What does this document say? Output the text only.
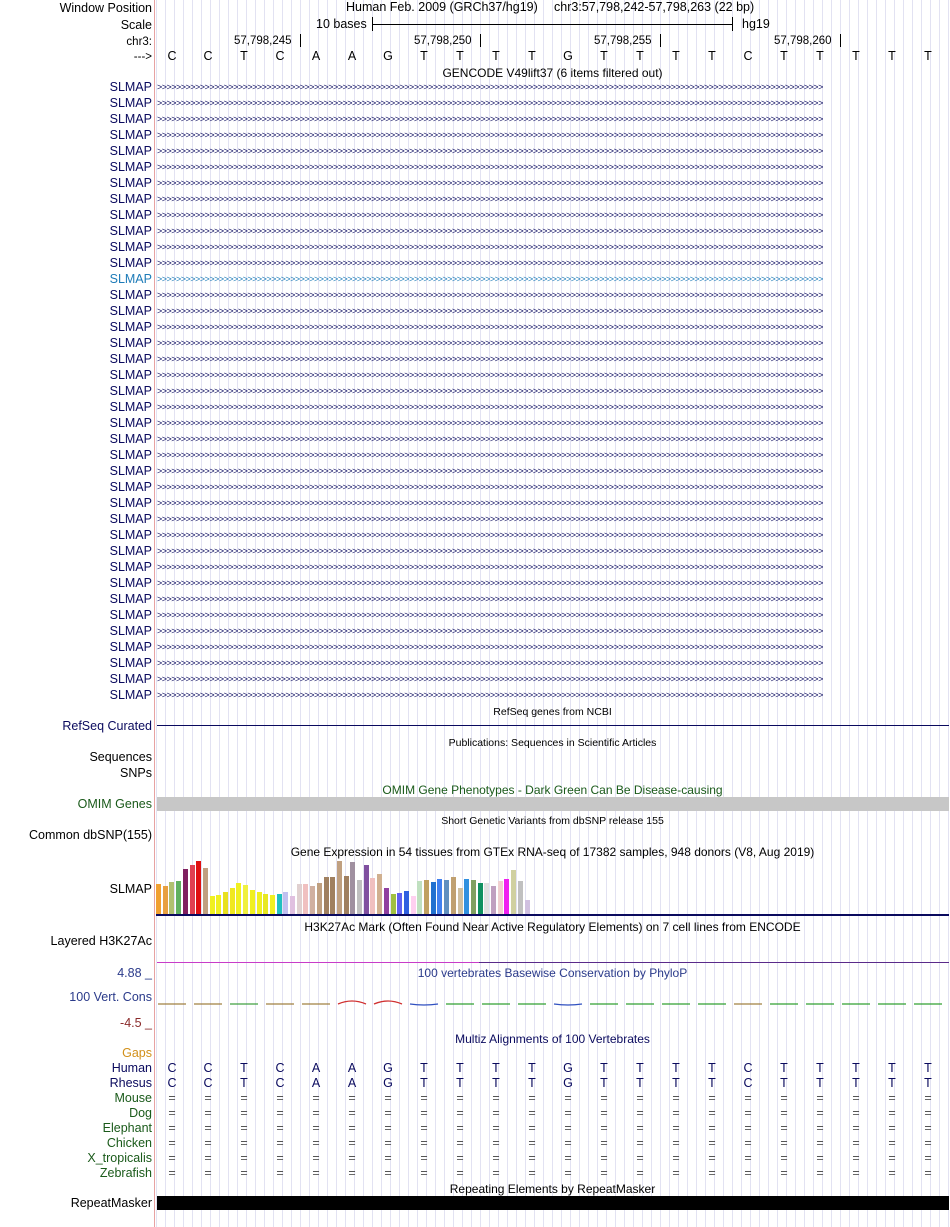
Window Position
Scale
chr3:
--->
Human Feb. 2009 (GRCh37/hg19) chr3:57,798,242-57,798,263 (22 bp)
10 bases	hg19
57,798,245	57,798,250	57,798,255	57,798,260
C	C	T	C	A	A	G	T	T	T	T	G	T	T	T	T	C	T	T	T	T	T
GENCODE V49lift37 (6 items filtered out)
SLMAP >>>>>>>>>>>>>>>>>>>>>>>>>>>>>>>>>>>>>>>>>>>>>>>>>>>>>>>>>>>>>>>>>>>>>>>>>>>>>>>>>>>>>>>>>>>>>>>>>>>>>>>>>>>>>>>>>>>>>>>>>>>>>>>>>>>>>>>>>>>>
SLMAP >>>>>>>>>>>>>>>>>>>>>>>>>>>>>>>>>>>>>>>>>>>>>>>>>>>>>>>>>>>>>>>>>>>>>>>>>>>>>>>>>>>>>>>>>>>>>>>>>>>>>>>>>>>>>>>>>>>>>>>>>>>>>>>>>>>>>>>>>>>>
SLMAP >>>>>>>>>>>>>>>>>>>>>>>>>>>>>>>>>>>>>>>>>>>>>>>>>>>>>>>>>>>>>>>>>>>>>>>>>>>>>>>>>>>>>>>>>>>>>>>>>>>>>>>>>>>>>>>>>>>>>>>>>>>>>>>>>>>>>>>>>>>>
SLMAP >>>>>>>>>>>>>>>>>>>>>>>>>>>>>>>>>>>>>>>>>>>>>>>>>>>>>>>>>>>>>>>>>>>>>>>>>>>>>>>>>>>>>>>>>>>>>>>>>>>>>>>>>>>>>>>>>>>>>>>>>>>>>>>>>>>>>>>>>>>>
SLMAP >>>>>>>>>>>>>>>>>>>>>>>>>>>>>>>>>>>>>>>>>>>>>>>>>>>>>>>>>>>>>>>>>>>>>>>>>>>>>>>>>>>>>>>>>>>>>>>>>>>>>>>>>>>>>>>>>>>>>>>>>>>>>>>>>>>>>>>>>>>>
SLMAP >>>>>>>>>>>>>>>>>>>>>>>>>>>>>>>>>>>>>>>>>>>>>>>>>>>>>>>>>>>>>>>>>>>>>>>>>>>>>>>>>>>>>>>>>>>>>>>>>>>>>>>>>>>>>>>>>>>>>>>>>>>>>>>>>>>>>>>>>>>>
SLMAP >>>>>>>>>>>>>>>>>>>>>>>>>>>>>>>>>>>>>>>>>>>>>>>>>>>>>>>>>>>>>>>>>>>>>>>>>>>>>>>>>>>>>>>>>>>>>>>>>>>>>>>>>>>>>>>>>>>>>>>>>>>>>>>>>>>>>>>>>>>>
SLMAP >>>>>>>>>>>>>>>>>>>>>>>>>>>>>>>>>>>>>>>>>>>>>>>>>>>>>>>>>>>>>>>>>>>>>>>>>>>>>>>>>>>>>>>>>>>>>>>>>>>>>>>>>>>>>>>>>>>>>>>>>>>>>>>>>>>>>>>>>>>>
SLMAP >>>>>>>>>>>>>>>>>>>>>>>>>>>>>>>>>>>>>>>>>>>>>>>>>>>>>>>>>>>>>>>>>>>>>>>>>>>>>>>>>>>>>>>>>>>>>>>>>>>>>>>>>>>>>>>>>>>>>>>>>>>>>>>>>>>>>>>>>>>>
SLMAP >>>>>>>>>>>>>>>>>>>>>>>>>>>>>>>>>>>>>>>>>>>>>>>>>>>>>>>>>>>>>>>>>>>>>>>>>>>>>>>>>>>>>>>>>>>>>>>>>>>>>>>>>>>>>>>>>>>>>>>>>>>>>>>>>>>>>>>>>>>>
SLMAP >>>>>>>>>>>>>>>>>>>>>>>>>>>>>>>>>>>>>>>>>>>>>>>>>>>>>>>>>>>>>>>>>>>>>>>>>>>>>>>>>>>>>>>>>>>>>>>>>>>>>>>>>>>>>>>>>>>>>>>>>>>>>>>>>>>>>>>>>>>>
SLMAP >>>>>>>>>>>>>>>>>>>>>>>>>>>>>>>>>>>>>>>>>>>>>>>>>>>>>>>>>>>>>>>>>>>>>>>>>>>>>>>>>>>>>>>>>>>>>>>>>>>>>>>>>>>>>>>>>>>>>>>>>>>>>>>>>>>>>>>>>>>>
SLMAP >>>>>>>>>>>>>>>>>>>>>>>>>>>>>>>>>>>>>>>>>>>>>>>>>>>>>>>>>>>>>>>>>>>>>>>>>>>>>>>>>>>>>>>>>>>>>>>>>>>>>>>>>>>>>>>>>>>>>>>>>>>>>>>>>>>>>>>>>>>>
SLMAP >>>>>>>>>>>>>>>>>>>>>>>>>>>>>>>>>>>>>>>>>>>>>>>>>>>>>>>>>>>>>>>>>>>>>>>>>>>>>>>>>>>>>>>>>>>>>>>>>>>>>>>>>>>>>>>>>>>>>>>>>>>>>>>>>>>>>>>>>>>>
SLMAP >>>>>>>>>>>>>>>>>>>>>>>>>>>>>>>>>>>>>>>>>>>>>>>>>>>>>>>>>>>>>>>>>>>>>>>>>>>>>>>>>>>>>>>>>>>>>>>>>>>>>>>>>>>>>>>>>>>>>>>>>>>>>>>>>>>>>>>>>>>>
SLMAP >>>>>>>>>>>>>>>>>>>>>>>>>>>>>>>>>>>>>>>>>>>>>>>>>>>>>>>>>>>>>>>>>>>>>>>>>>>>>>>>>>>>>>>>>>>>>>>>>>>>>>>>>>>>>>>>>>>>>>>>>>>>>>>>>>>>>>>>>>>>
SLMAP >>>>>>>>>>>>>>>>>>>>>>>>>>>>>>>>>>>>>>>>>>>>>>>>>>>>>>>>>>>>>>>>>>>>>>>>>>>>>>>>>>>>>>>>>>>>>>>>>>>>>>>>>>>>>>>>>>>>>>>>>>>>>>>>>>>>>>>>>>>>
SLMAP >>>>>>>>>>>>>>>>>>>>>>>>>>>>>>>>>>>>>>>>>>>>>>>>>>>>>>>>>>>>>>>>>>>>>>>>>>>>>>>>>>>>>>>>>>>>>>>>>>>>>>>>>>>>>>>>>>>>>>>>>>>>>>>>>>>>>>>>>>>>
SLMAP >>>>>>>>>>>>>>>>>>>>>>>>>>>>>>>>>>>>>>>>>>>>>>>>>>>>>>>>>>>>>>>>>>>>>>>>>>>>>>>>>>>>>>>>>>>>>>>>>>>>>>>>>>>>>>>>>>>>>>>>>>>>>>>>>>>>>>>>>>>>
SLMAP >>>>>>>>>>>>>>>>>>>>>>>>>>>>>>>>>>>>>>>>>>>>>>>>>>>>>>>>>>>>>>>>>>>>>>>>>>>>>>>>>>>>>>>>>>>>>>>>>>>>>>>>>>>>>>>>>>>>>>>>>>>>>>>>>>>>>>>>>>>>
SLMAP >>>>>>>>>>>>>>>>>>>>>>>>>>>>>>>>>>>>>>>>>>>>>>>>>>>>>>>>>>>>>>>>>>>>>>>>>>>>>>>>>>>>>>>>>>>>>>>>>>>>>>>>>>>>>>>>>>>>>>>>>>>>>>>>>>>>>>>>>>>>
SLMAP >>>>>>>>>>>>>>>>>>>>>>>>>>>>>>>>>>>>>>>>>>>>>>>>>>>>>>>>>>>>>>>>>>>>>>>>>>>>>>>>>>>>>>>>>>>>>>>>>>>>>>>>>>>>>>>>>>>>>>>>>>>>>>>>>>>>>>>>>>>>
SLMAP >>>>>>>>>>>>>>>>>>>>>>>>>>>>>>>>>>>>>>>>>>>>>>>>>>>>>>>>>>>>>>>>>>>>>>>>>>>>>>>>>>>>>>>>>>>>>>>>>>>>>>>>>>>>>>>>>>>>>>>>>>>>>>>>>>>>>>>>>>>>
SLMAP >>>>>>>>>>>>>>>>>>>>>>>>>>>>>>>>>>>>>>>>>>>>>>>>>>>>>>>>>>>>>>>>>>>>>>>>>>>>>>>>>>>>>>>>>>>>>>>>>>>>>>>>>>>>>>>>>>>>>>>>>>>>>>>>>>>>>>>>>>>>
SLMAP >>>>>>>>>>>>>>>>>>>>>>>>>>>>>>>>>>>>>>>>>>>>>>>>>>>>>>>>>>>>>>>>>>>>>>>>>>>>>>>>>>>>>>>>>>>>>>>>>>>>>>>>>>>>>>>>>>>>>>>>>>>>>>>>>>>>>>>>>>>>
SLMAP >>>>>>>>>>>>>>>>>>>>>>>>>>>>>>>>>>>>>>>>>>>>>>>>>>>>>>>>>>>>>>>>>>>>>>>>>>>>>>>>>>>>>>>>>>>>>>>>>>>>>>>>>>>>>>>>>>>>>>>>>>>>>>>>>>>>>>>>>>>>
SLMAP >>>>>>>>>>>>>>>>>>>>>>>>>>>>>>>>>>>>>>>>>>>>>>>>>>>>>>>>>>>>>>>>>>>>>>>>>>>>>>>>>>>>>>>>>>>>>>>>>>>>>>>>>>>>>>>>>>>>>>>>>>>>>>>>>>>>>>>>>>>>
SLMAP >>>>>>>>>>>>>>>>>>>>>>>>>>>>>>>>>>>>>>>>>>>>>>>>>>>>>>>>>>>>>>>>>>>>>>>>>>>>>>>>>>>>>>>>>>>>>>>>>>>>>>>>>>>>>>>>>>>>>>>>>>>>>>>>>>>>>>>>>>>>
SLMAP >>>>>>>>>>>>>>>>>>>>>>>>>>>>>>>>>>>>>>>>>>>>>>>>>>>>>>>>>>>>>>>>>>>>>>>>>>>>>>>>>>>>>>>>>>>>>>>>>>>>>>>>>>>>>>>>>>>>>>>>>>>>>>>>>>>>>>>>>>>>
SLMAP >>>>>>>>>>>>>>>>>>>>>>>>>>>>>>>>>>>>>>>>>>>>>>>>>>>>>>>>>>>>>>>>>>>>>>>>>>>>>>>>>>>>>>>>>>>>>>>>>>>>>>>>>>>>>>>>>>>>>>>>>>>>>>>>>>>>>>>>>>>>
SLMAP >>>>>>>>>>>>>>>>>>>>>>>>>>>>>>>>>>>>>>>>>>>>>>>>>>>>>>>>>>>>>>>>>>>>>>>>>>>>>>>>>>>>>>>>>>>>>>>>>>>>>>>>>>>>>>>>>>>>>>>>>>>>>>>>>>>>>>>>>>>>
SLMAP >>>>>>>>>>>>>>>>>>>>>>>>>>>>>>>>>>>>>>>>>>>>>>>>>>>>>>>>>>>>>>>>>>>>>>>>>>>>>>>>>>>>>>>>>>>>>>>>>>>>>>>>>>>>>>>>>>>>>>>>>>>>>>>>>>>>>>>>>>>>
SLMAP >>>>>>>>>>>>>>>>>>>>>>>>>>>>>>>>>>>>>>>>>>>>>>>>>>>>>>>>>>>>>>>>>>>>>>>>>>>>>>>>>>>>>>>>>>>>>>>>>>>>>>>>>>>>>>>>>>>>>>>>>>>>>>>>>>>>>>>>>>>>
SLMAP >>>>>>>>>>>>>>>>>>>>>>>>>>>>>>>>>>>>>>>>>>>>>>>>>>>>>>>>>>>>>>>>>>>>>>>>>>>>>>>>>>>>>>>>>>>>>>>>>>>>>>>>>>>>>>>>>>>>>>>>>>>>>>>>>>>>>>>>>>>>
SLMAP >>>>>>>>>>>>>>>>>>>>>>>>>>>>>>>>>>>>>>>>>>>>>>>>>>>>>>>>>>>>>>>>>>>>>>>>>>>>>>>>>>>>>>>>>>>>>>>>>>>>>>>>>>>>>>>>>>>>>>>>>>>>>>>>>>>>>>>>>>>>
SLMAP >>>>>>>>>>>>>>>>>>>>>>>>>>>>>>>>>>>>>>>>>>>>>>>>>>>>>>>>>>>>>>>>>>>>>>>>>>>>>>>>>>>>>>>>>>>>>>>>>>>>>>>>>>>>>>>>>>>>>>>>>>>>>>>>>>>>>>>>>>>>
SLMAP >>>>>>>>>>>>>>>>>>>>>>>>>>>>>>>>>>>>>>>>>>>>>>>>>>>>>>>>>>>>>>>>>>>>>>>>>>>>>>>>>>>>>>>>>>>>>>>>>>>>>>>>>>>>>>>>>>>>>>>>>>>>>>>>>>>>>>>>>>>>
SLMAP >>>>>>>>>>>>>>>>>>>>>>>>>>>>>>>>>>>>>>>>>>>>>>>>>>>>>>>>>>>>>>>>>>>>>>>>>>>>>>>>>>>>>>>>>>>>>>>>>>>>>>>>>>>>>>>>>>>>>>>>>>>>>>>>>>>>>>>>>>>>
SLMAP >>>>>>>>>>>>>>>>>>>>>>>>>>>>>>>>>>>>>>>>>>>>>>>>>>>>>>>>>>>>>>>>>>>>>>>>>>>>>>>>>>>>>>>>>>>>>>>>>>>>>>>>>>>>>>>>>>>>>>>>>>>>>>>>>>>>>>>>>>>>
RefSeq genes from NCBI
RefSeq Curated
Publications: Sequences in Scientific Articles
Sequences
SNPs
OMIM Gene Phenotypes - Dark Green Can Be Disease-causing
OMIM Genes
Short Genetic Variants from dbSNP release 155
Common dbSNP(155)
Gene Expression in 54 tissues from GTEx RNA-seq of 17382 samples, 948 donors (V8, Aug 2019)
SLMAP
H3K27Ac Mark (Often Found Near Active Regulatory Elements) on 7 cell lines from ENCODE
Layered H3K27Ac
100 vertebrates Basewise Conservation by PhyloP
4.88 _
100 Vert. Cons
-4.5 _
Multiz Alignments of 100 Vertebrates
Gaps
Human	C	C	T	C	A	A	G	T	T	T	T	G	T	T	T	T	C	T	T	T	T	T
Rhesus	C	C	T	C	A	A	G	T	T	T	T	G	T	T	T	T	C	T	T	T	T	T
Mouse	=	=	=	=	=	=	=	=	=	=	=	=	=	=	=	=	=	=	=	=	=	=
Dog	=	=	=	=	=	=	=	=	=	=	=	=	=	=	=	=	=	=	=	=	=	=
Elephant	=	=	=	=	=	=	=	=	=	=	=	=	=	=	=	=	=	=	=	=	=	=
Chicken	=	=	=	=	=	=	=	=	=	=	=	=	=	=	=	=	=	=	=	=	=	=
X_tropicalis	=	=	=	=	=	=	=	=	=	=	=	=	=	=	=	=	=	=	=	=	=	=
Zebrafish	=	=	=	=	=	=	=	=	=	=	=	=	=	=	=	=	=	=	=	=	=	=
Repeating Elements by RepeatMasker
RepeatMasker
